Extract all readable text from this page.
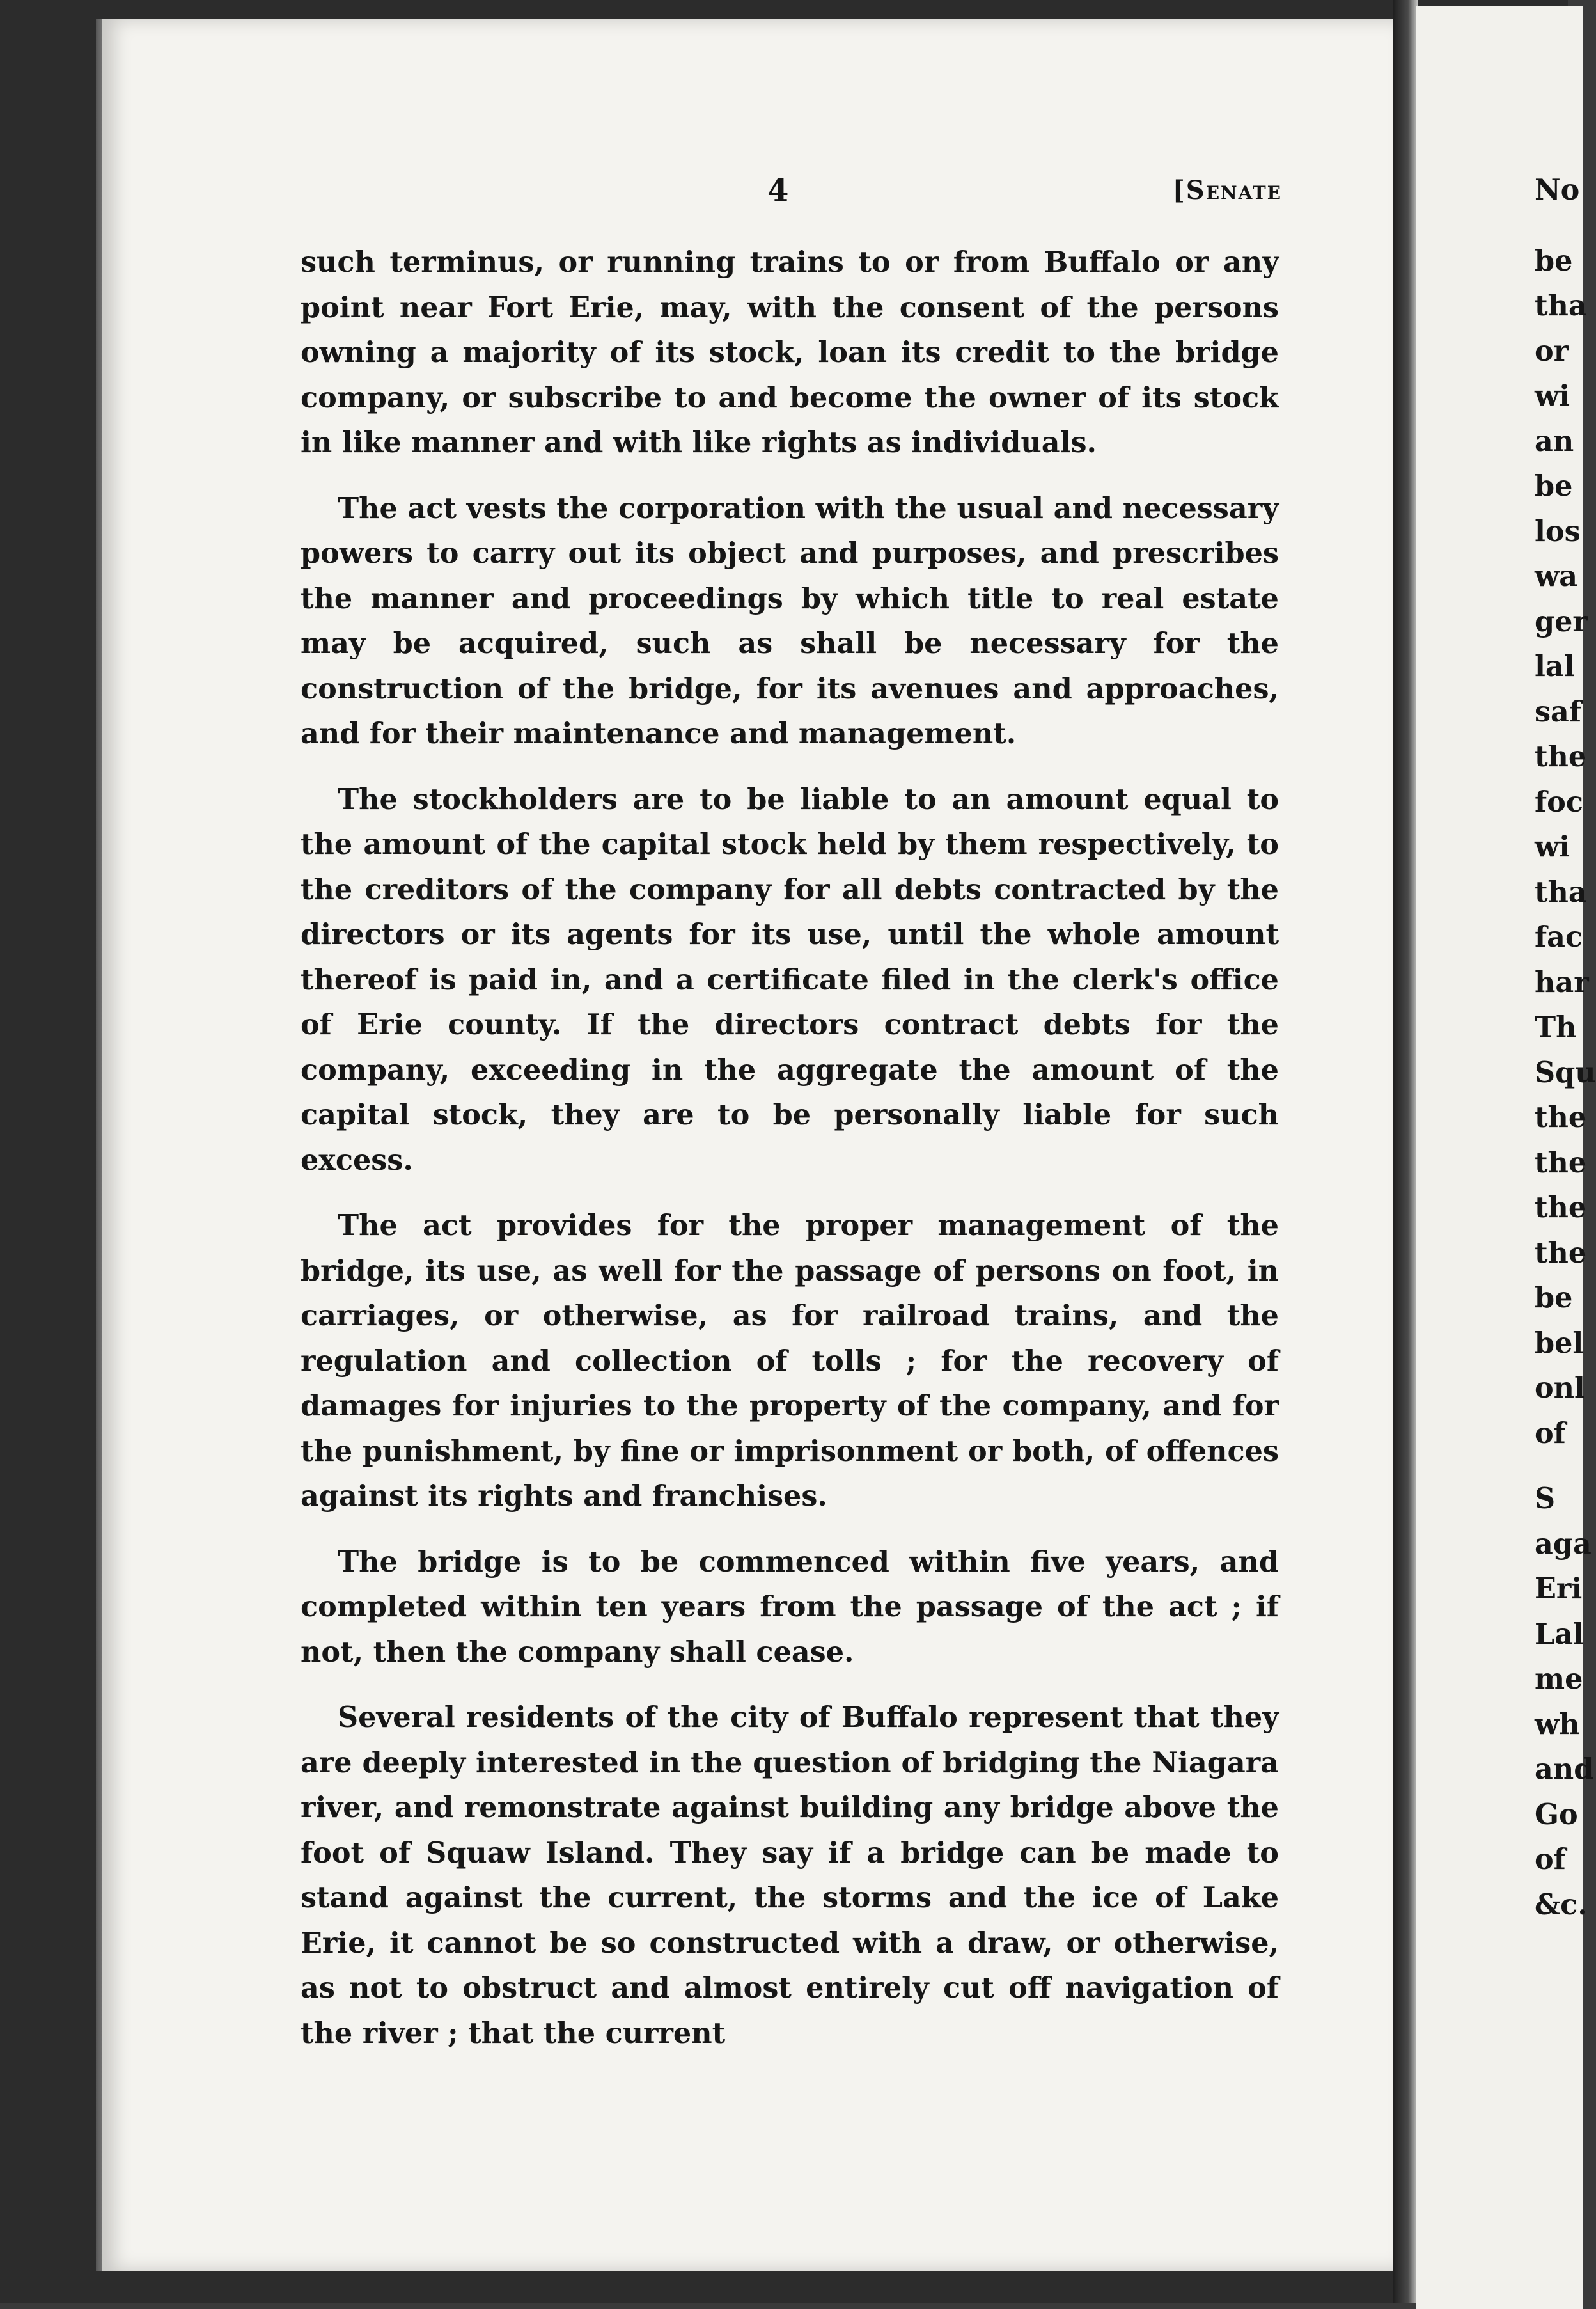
4	[Senate

such terminus, or running trains to or from Buffalo or any point near Fort Erie, may, with the consent of the persons owning a majority of its stock, loan its credit to the bridge company, or subscribe to and become the owner of its stock in like manner and with like rights as individuals.

The act vests the corporation with the usual and necessary powers to carry out its object and purposes, and prescribes the manner and proceedings by which title to real estate may be acquired, such as shall be necessary for the construction of the bridge, for its avenues and approaches, and for their maintenance and management.

The stockholders are to be liable to an amount equal to the amount of the capital stock held by them respectively, to the creditors of the company for all debts contracted by the directors or its agents for its use, until the whole amount thereof is paid in, and a certificate filed in the clerk's office of Erie county. If the directors contract debts for the company, exceeding in the aggregate the amount of the capital stock, they are to be personally liable for such excess.

The act provides for the proper management of the bridge, its use, as well for the passage of persons on foot, in carriages, or otherwise, as for railroad trains, and the regulation and collection of tolls ; for the recovery of damages for injuries to the property of the company, and for the punishment, by fine or imprisonment or both, of offences against its rights and franchises.

The bridge is to be commenced within five years, and completed within ten years from the passage of the act ; if not, then the company shall cease.

Several residents of the city of Buffalo represent that they are deeply interested in the question of bridging the Niagara river, and remonstrate against building any bridge above the foot of Squaw Island. They say if a bridge can be made to stand against the current, the storms and the ice of Lake Erie, it cannot be so constructed with a draw, or otherwise, as not to obstruct and almost entirely cut off navigation of the river ; that the current

No
be
tha
or
wi
an
be
los
wa
ger
lal
saf
the
foc
wi
tha
fac
har
Th
Squ
the
the
the
the
be
bel
onl
of
S
aga
Eri
Lal
me
wh
and
Go
of
&c.
